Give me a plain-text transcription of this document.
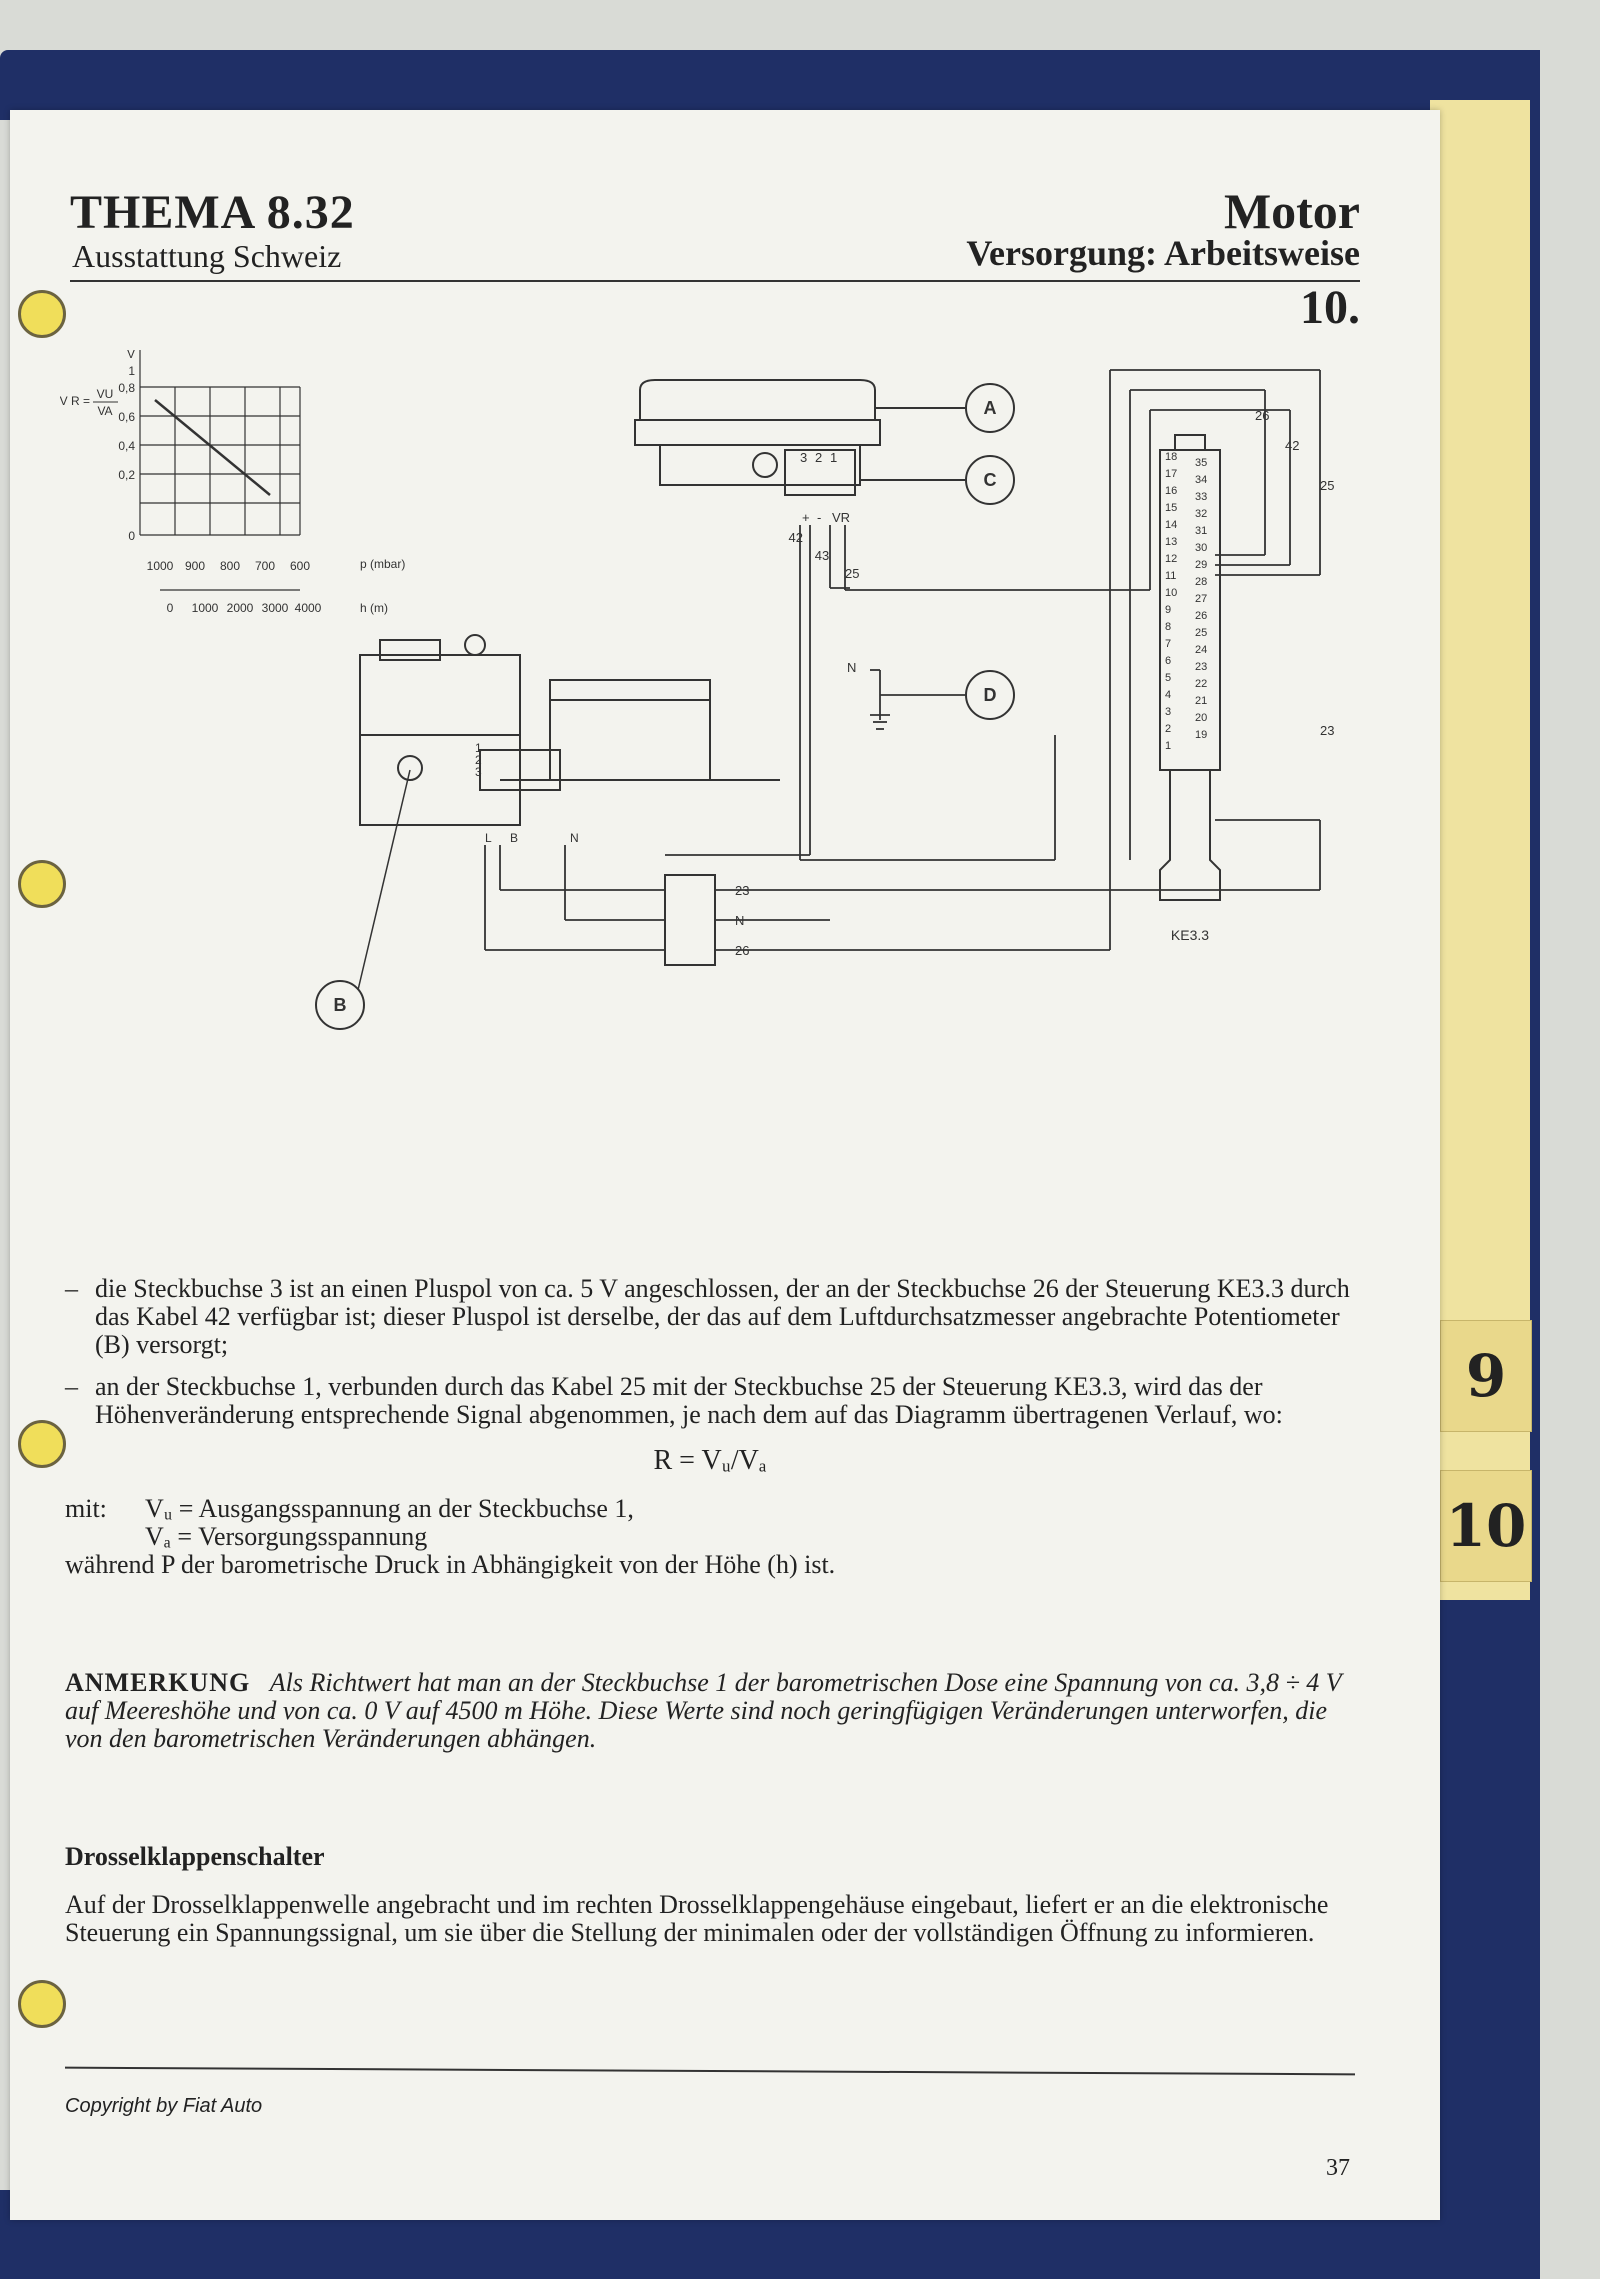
9
10
THEMA 8.32
Ausstattung Schweiz
Motor
Versorgung: Arbeitsweise
10.
V
1
0,8
0,6
0,4
0,2
0
V R = VU
VA
1000 900 800 700 600	p (mbar)
0 1000 2000 3000 4000	h (m)
3 2 1
+ - VR
42
43
25
N
1
2
3
L B	N
23
N
26
18
17
16
15
14
13
12
11
10
9
8
7
6
5
4
3
2
1
35
34
33
32
31
30
29
28
27
26
25
24
23
22
21
20
19
KE3.3
26
42
25
23
A
B
C
D
– die Steckbuchse 3 ist an einen Pluspol von ca. 5 V angeschlossen, der an der Steckbuchse 26 der Steuerung KE3.3 durch das Kabel 42 verfügbar ist; dieser Pluspol ist derselbe, der das auf dem Luftdurchsatzmesser angebrachte Potentiometer (B) versorgt;
– an der Steckbuchse 1, verbunden durch das Kabel 25 mit der Steckbuchse 25 der Steuerung KE3.3, wird das der Höhenveränderung entsprechende Signal abgenommen, je nach dem auf das Diagramm übertragenen Verlauf, wo:
R = Vᵤ/Vₐ
mit:	Vᵤ = Ausgangsspannung an der Steckbuchse 1,
Vₐ = Versorgungsspannung
während P der barometrische Druck in Abhängigkeit von der Höhe (h) ist.
ANMERKUNG Als Richtwert hat man an der Steckbuchse 1 der barometrischen Dose eine Spannung von ca. 3,8 ÷ 4 V auf Meereshöhe und von ca. 0 V auf 4500 m Höhe. Diese Werte sind noch geringfügigen Veränderungen unterworfen, die von den barometrischen Veränderungen abhängen.
Drosselklappenschalter
Auf der Drosselklappenwelle angebracht und im rechten Drosselklappengehäuse eingebaut, liefert er an die elektronische Steuerung ein Spannungssignal, um sie über die Stellung der minimalen oder der vollständigen Öffnung zu informieren.
Copyright by Fiat Auto
37
